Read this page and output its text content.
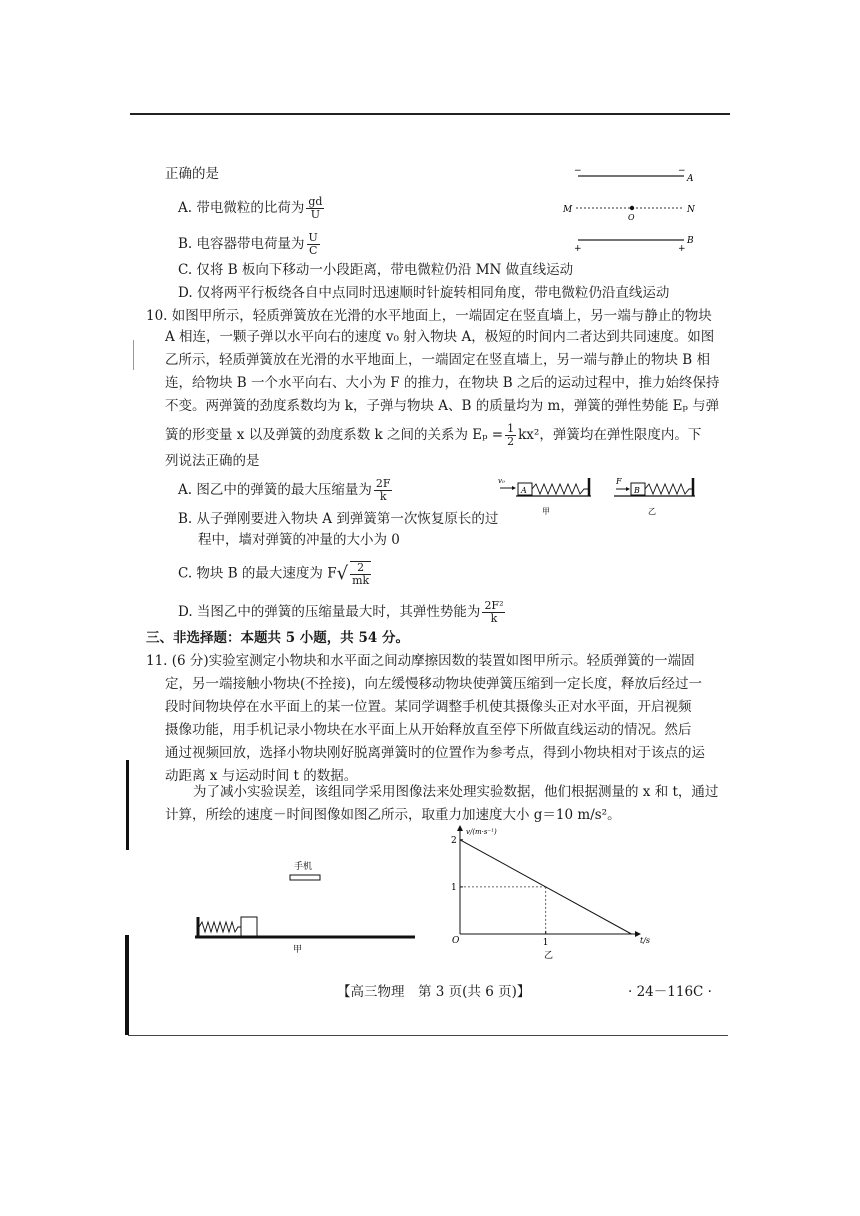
正确的是
A. 带电微粒的比荷为 $\frac{gd}{U}$
B. 电容器带电荷量为 $\frac{U}{C}$
C. 仅将 B 板向下移动一小段距离，带电微粒仍沿 MN 做直线运动
D. 仅将两平行板绕各自中点同时迅速顺时针旋转相同角度，带电微粒仍沿直线运动
−	−
A
M	N
O
+	+
B
10. 如图甲所示，轻质弹簧放在光滑的水平地面上，一端固定在竖直墙上，另一端与静止的物块
A 相连，一颗子弹以水平向右的速度 v₀ 射入物块 A，极短的时间内二者达到共同速度。如图
乙所示，轻质弹簧放在光滑的水平地面上，一端固定在竖直墙上，另一端与静止的物块 B 相
连，给物块 B 一个水平向右、大小为 F 的推力，在物块 B 之后的运动过程中，推力始终保持
不变。两弹簧的劲度系数均为 k，子弹与物块 A、B 的质量均为 m，弹簧的弹性势能 Eₚ 与弹
簧的形变量 x 以及弹簧的劲度系数 k 之间的关系为 $E_p = \frac{1}{2} kx^2$，弹簧均在弹性限度内。下
列说法正确的是
A. 图乙中的弹簧的最大压缩量为 $\frac{2F}{k}$
B. 从子弹刚要进入物块 A 到弹簧第一次恢复原长的过
程中，墙对弹簧的冲量的大小为 0
C. 物块 B 的最大速度为 $F√ \frac{2}{mk}$
D. 当图乙中的弹簧的压缩量最大时，其弹性势能为 $\frac{\text{2F²}}{k}$
v₀
A
甲
F
B
乙
三、非选择题：本题共 5 小题，共 54 分。
11. (6 分)实验室测定小物块和水平面之间动摩擦因数的装置如图甲所示。轻质弹簧的一端固
定，另一端接触小物块(不拴接)，向左缓慢移动物块使弹簧压缩到一定长度，释放后经过一
段时间物块停在水平面上的某一位置。某同学调整手机使其摄像头正对水平面，开启视频
摄像功能，用手机记录小物块在水平面上从开始释放直至停下所做直线运动的情况。然后
通过视频回放，选择小物块刚好脱离弹簧时的位置作为参考点，得到小物块相对于该点的运
动距离 x 与运动时间 t 的数据。
为了减小实验误差，该组同学采用图像法来处理实验数据，他们根据测量的 x 和 t，通过
计算，所绘的速度－时间图像如图乙所示，取重力加速度大小 g＝10 m/s²。
手机
甲
v/(m·s⁻¹)
t/s
O
1
2
1
乙
【高三物理　第 3 页(共 6 页)】	· 24－116C ·
